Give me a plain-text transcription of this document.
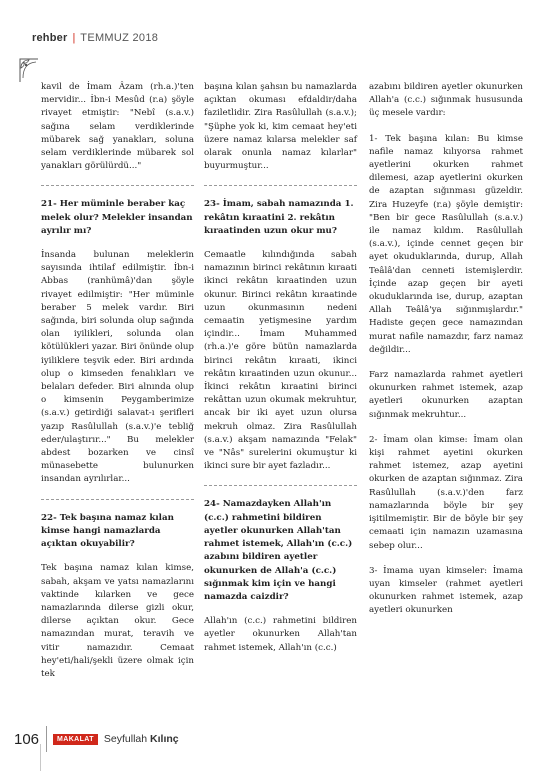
rehber | TEMMUZ 2018

kavil de İmam Âzam (rh.a.)'ten mervidir... İbn-i Mesûd (r.a) şöyle rivayet etmiştir: "Nebî (s.a.v.) sağına selam verdiklerinde mübarek sağ yanakları, soluna selam verdiklerinde mübarek sol yanakları görülürdü..."

21- Her müminle beraber kaç melek olur? Melekler insandan ayrılır mı?

İnsanda bulunan meleklerin sayısında ihtilaf edilmiştir. İbn-i Abbas (ranhümâ)'dan şöyle rivayet edilmiştir: "Her müminle beraber 5 melek vardır. Biri sağında, biri solunda olup sağında olan iyilikleri, solunda olan kötülükleri yazar. Biri önünde olup iyiliklere teşvik eder. Biri ardında olup o kimseden fenalıkları ve belaları defeder. Biri alnında olup o kimsenin Peygamberimize (s.a.v.) getirdiği salavat-ı şerifleri yazıp Rasûlullah (s.a.v.)'e tebliğ eder/ulaştırır..." Bu melekler abdest bozarken ve cinsî münasebette bulunurken insandan ayrılırlar...

22- Tek başına namaz kılan kimse hangi namazlarda açıktan okuyabilir?

Tek başına namaz kılan kimse, sabah, akşam ve yatsı namazlarını vaktinde kılarken ve gece namazlarında dilerse gizli okur, dilerse açıktan okur. Gece namazından murat, teravih ve vitir namazıdır. Cemaat hey'eti/hali/şekli üzere olmak için tek

başına kılan şahsın bu namazlarda açıktan okuması efdaldir/daha faziletlidir. Zira Rasûlullah (s.a.v.); "Şüphe yok ki, kim cemaat hey'eti üzere namaz kılarsa melekler saf olarak onunla namaz kılarlar" buyurmuştur...

23- İmam, sabah namazında 1. rekâtın kıraatini 2. rekâtın kıraatinden uzun okur mu?

Cemaatle kılındığında sabah namazının birinci rekâtının kıraati ikinci rekâtın kıraatinden uzun okunur. Birinci rekâtın kıraatinde uzun okunmasının nedeni cemaatin yetişmesine yardım içindir... İmam Muhammed (rh.a.)'e göre bütün namazlarda birinci rekâtın kıraati, ikinci rekâtın kıraatinden uzun okunur... İkinci rekâtın kıraatini birinci rekâttan uzun okumak mekruhtur, ancak bir iki ayet uzun olursa mekruh olmaz. Zira Rasûlullah (s.a.v.) akşam namazında "Felak" ve "Nâs" surelerini okumuştur ki ikinci sure bir ayet fazladır...

24- Namazdayken Allah'ın (c.c.) rahmetini bildiren ayetler okunurken Allah'tan rahmet istemek, Allah'ın (c.c.) azabını bildiren ayetler okunurken de Allah'a (c.c.) sığınmak kim için ve hangi namazda caizdir?

Allah'ın (c.c.) rahmetini bildiren ayetler okunurken Allah'tan rahmet istemek, Allah'ın (c.c.)

azabını bildiren ayetler okunurken Allah'a (c.c.) sığınmak hususunda üç mesele vardır:

1- Tek başına kılan: Bu kimse nafile namaz kılıyorsa rahmet ayetlerini okurken rahmet dilemesi, azap ayetlerini okurken de azaptan sığınması güzeldir. Zira Huzeyfe (r.a) şöyle demiştir: "Ben bir gece Rasûlullah (s.a.v.) ile namaz kıldım. Rasûlullah (s.a.v.), içinde cennet geçen bir ayet okuduklarında, durup, Allah Teâlâ'dan cenneti istemişlerdir. İçinde azap geçen bir ayeti okuduklarında ise, durup, azaptan Allah Teâlâ'ya sığınmışlardır." Hadiste geçen gece namazından murat nafile namazdır, farz namaz değildir...

Farz namazlarda rahmet ayetleri okunurken rahmet istemek, azap ayetleri okunurken azaptan sığınmak mekruhtur...

2- İmam olan kimse: İmam olan kişi rahmet ayetini okurken rahmet istemez, azap ayetini okurken de azaptan sığınmaz. Zira Rasûlullah (s.a.v.)'den farz namazlarında böyle bir şey işitilmemiştir. Bir de böyle bir şey cemaati için namazın uzamasına sebep olur...

3- İmama uyan kimseler: İmama uyan kimseler (rahmet ayetleri okunurken rahmet istemek, azap ayetleri okunurken

106	MAKALAT Seyfullah Kılınç
